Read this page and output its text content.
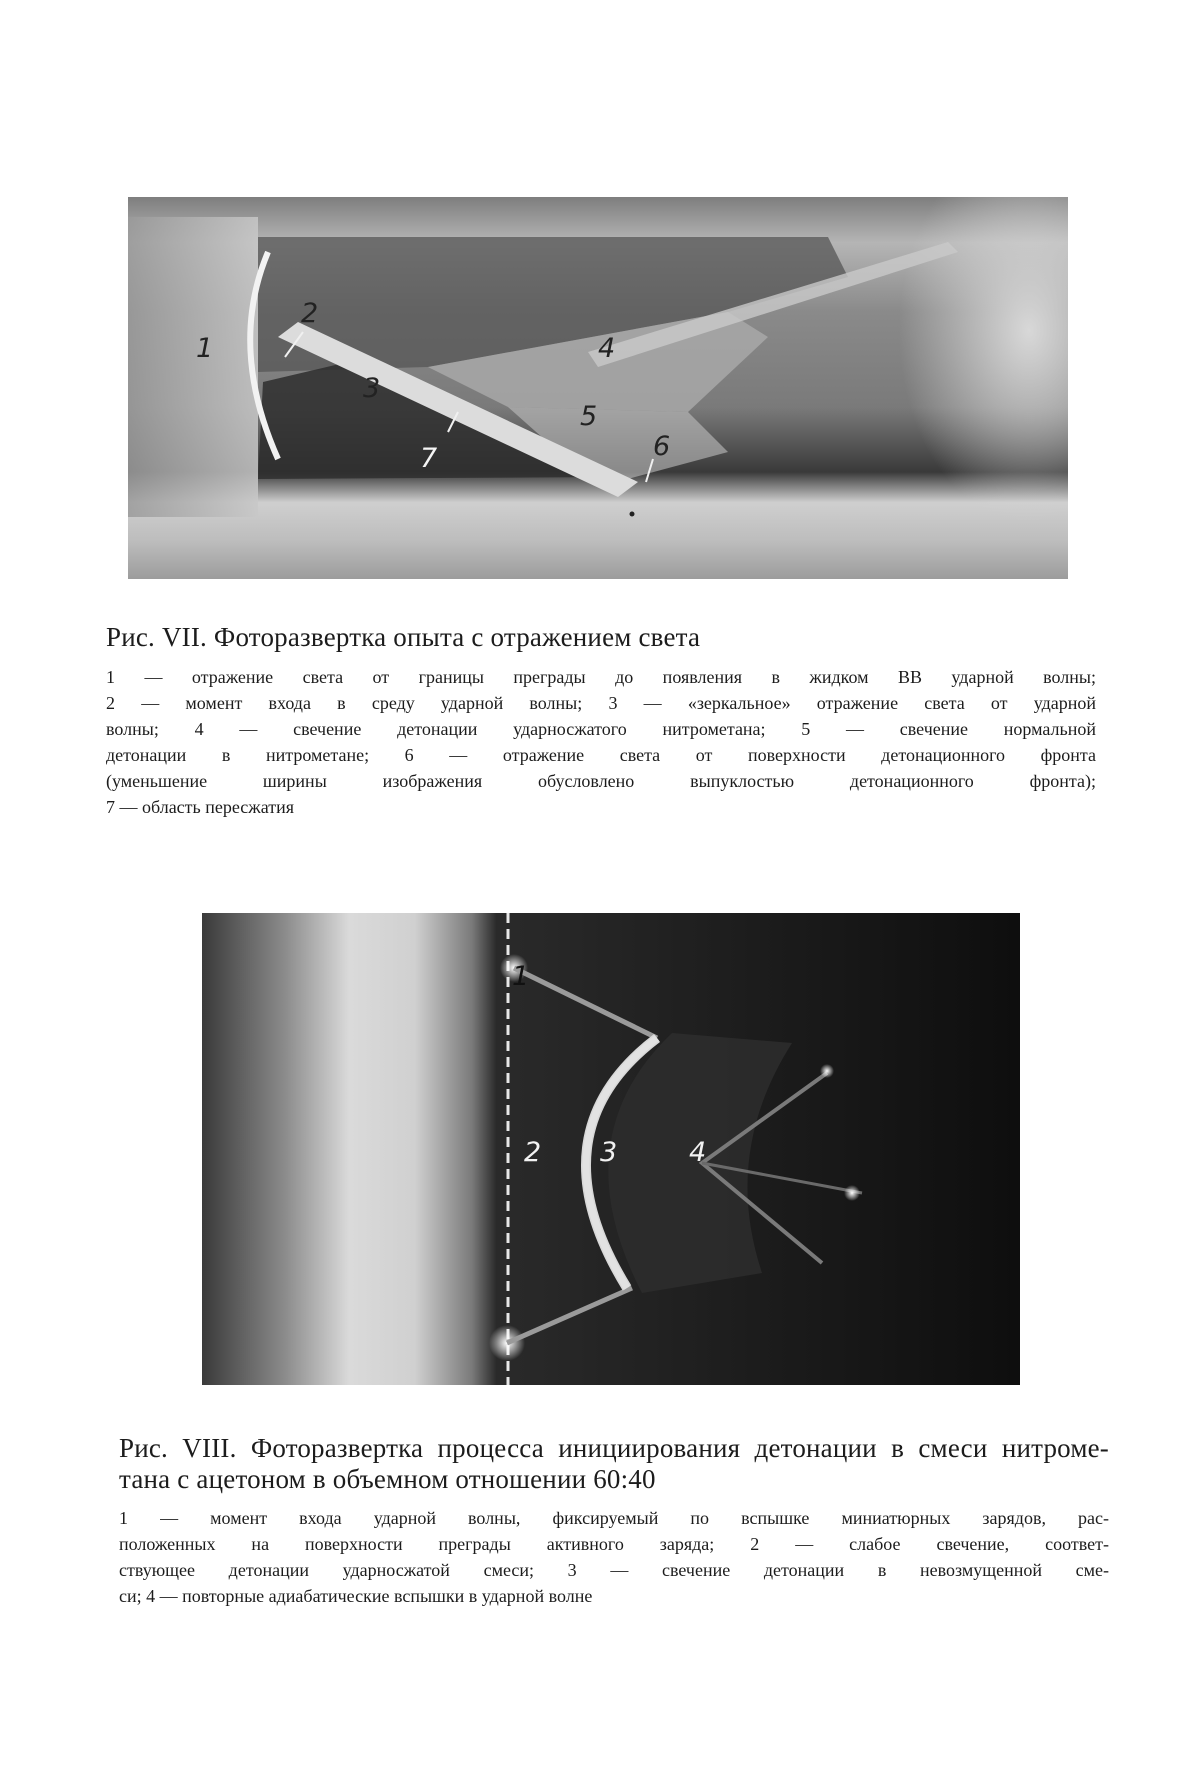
1
2
3
4
5
6
7
Рис. VII. Фоторазвертка опыта с отражением света
1 — отражение света от границы преграды до появления в жидком ВВ ударной волны;
2 — момент входа в среду ударной волны; 3 — «зеркальное» отражение света от ударной
волны; 4 — свечение детонации ударносжатого нитрометана; 5 — свечение нормальной
детонации в нитрометане; 6 — отражение света от поверхности детонационного фронта
(уменьшение ширины изображения обусловлено выпуклостью детонационного фронта);
7 — область пересжатия
1
2 3	4
Рис. VIII. Фоторазвертка процесса инициирования детонации в смеси нитроме-
тана с ацетоном в объемном отношении 60:40
1 — момент входа ударной волны, фиксируемый по вспышке миниатюрных зарядов, рас-
положенных на поверхности преграды активного заряда; 2 — слабое свечение, соответ-
ствующее детонации ударносжатой смеси; 3 — свечение детонации в невозмущенной сме-
си; 4 — повторные адиабатические вспышки в ударной волне
